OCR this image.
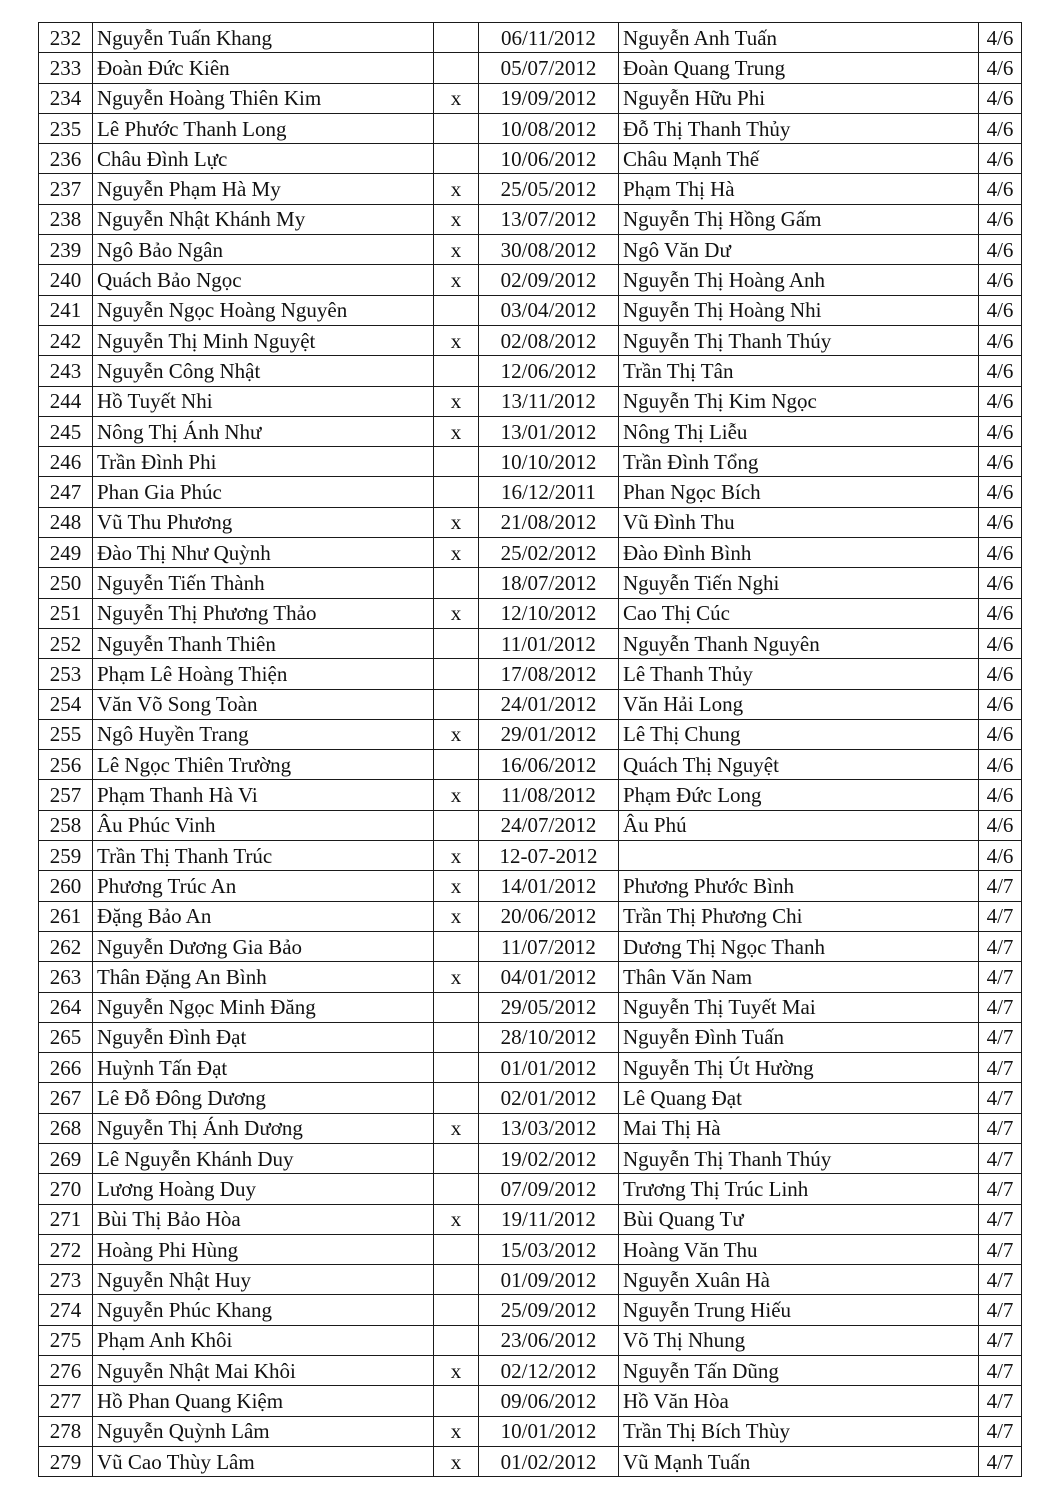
232	Nguyễn Tuấn Khang		06/11/2012	Nguyễn Anh Tuấn	4/6
233	Đoàn Đức Kiên		05/07/2012	Đoàn Quang Trung	4/6
234	Nguyễn Hoàng Thiên Kim	x	19/09/2012	Nguyễn Hữu Phi	4/6
235	Lê Phước Thanh Long		10/08/2012	Đỗ Thị Thanh Thủy	4/6
236	Châu Đình Lực		10/06/2012	Châu Mạnh Thế	4/6
237	Nguyễn Phạm Hà My	x	25/05/2012	Phạm Thị Hà	4/6
238	Nguyễn Nhật Khánh My	x	13/07/2012	Nguyễn Thị Hồng Gấm	4/6
239	Ngô Bảo Ngân	x	30/08/2012	Ngô Văn Dư	4/6
240	Quách Bảo Ngọc	x	02/09/2012	Nguyễn Thị Hoàng Anh	4/6
241	Nguyễn Ngọc Hoàng Nguyên		03/04/2012	Nguyễn Thị Hoàng Nhi	4/6
242	Nguyễn Thị Minh Nguyệt	x	02/08/2012	Nguyễn Thị Thanh Thúy	4/6
243	Nguyễn Công Nhật		12/06/2012	Trần Thị Tân	4/6
244	Hồ Tuyết Nhi	x	13/11/2012	Nguyễn Thị Kim Ngọc	4/6
245	Nông Thị Ánh Như	x	13/01/2012	Nông Thị Liễu	4/6
246	Trần Đình Phi		10/10/2012	Trần Đình Tổng	4/6
247	Phan Gia Phúc		16/12/2011	Phan Ngọc Bích	4/6
248	Vũ Thu Phương	x	21/08/2012	Vũ Đình Thu	4/6
249	Đào Thị Như Quỳnh	x	25/02/2012	Đào Đình Bình	4/6
250	Nguyễn Tiến Thành		18/07/2012	Nguyễn Tiến Nghi	4/6
251	Nguyễn Thị Phương Thảo	x	12/10/2012	Cao Thị Cúc	4/6
252	Nguyễn Thanh Thiên		11/01/2012	Nguyễn Thanh Nguyên	4/6
253	Phạm Lê Hoàng Thiện		17/08/2012	Lê Thanh Thủy	4/6
254	Văn Võ Song Toàn		24/01/2012	Văn Hải Long	4/6
255	Ngô Huyền Trang	x	29/01/2012	Lê Thị Chung	4/6
256	Lê Ngọc Thiên Trường		16/06/2012	Quách Thị Nguyệt	4/6
257	Phạm Thanh Hà Vi	x	11/08/2012	Phạm Đức Long	4/6
258	Âu Phúc Vinh		24/07/2012	Âu Phú	4/6
259	Trần Thị Thanh Trúc	x	12-07-2012		4/6
260	Phương Trúc An	x	14/01/2012	Phương Phước Bình	4/7
261	Đặng Bảo An	x	20/06/2012	Trần Thị Phương Chi	4/7
262	Nguyễn Dương Gia Bảo		11/07/2012	Dương Thị Ngọc Thanh	4/7
263	Thân Đặng An Bình	x	04/01/2012	Thân Văn Nam	4/7
264	Nguyễn Ngọc Minh Đăng		29/05/2012	Nguyễn Thị Tuyết Mai	4/7
265	Nguyễn Đình Đạt		28/10/2012	Nguyễn Đình Tuấn	4/7
266	Huỳnh Tấn Đạt		01/01/2012	Nguyễn Thị Út Hường	4/7
267	Lê Đỗ Đông Dương		02/01/2012	Lê Quang Đạt	4/7
268	Nguyễn Thị Ánh Dương	x	13/03/2012	Mai Thị Hà	4/7
269	Lê Nguyễn Khánh Duy		19/02/2012	Nguyễn Thị Thanh Thúy	4/7
270	Lương Hoàng Duy		07/09/2012	Trương Thị Trúc Linh	4/7
271	Bùi Thị Bảo Hòa	x	19/11/2012	Bùi Quang Tư	4/7
272	Hoàng Phi Hùng		15/03/2012	Hoàng Văn Thu	4/7
273	Nguyễn Nhật Huy		01/09/2012	Nguyễn Xuân Hà	4/7
274	Nguyễn Phúc Khang		25/09/2012	Nguyễn Trung Hiếu	4/7
275	Phạm Anh Khôi		23/06/2012	Võ Thị Nhung	4/7
276	Nguyễn Nhật Mai Khôi	x	02/12/2012	Nguyễn Tấn Dũng	4/7
277	Hồ Phan Quang Kiệm		09/06/2012	Hồ Văn Hòa	4/7
278	Nguyễn Quỳnh Lâm	x	10/01/2012	Trần Thị Bích Thùy	4/7
279	Vũ Cao Thùy Lâm	x	01/02/2012	Vũ Mạnh Tuấn	4/7
